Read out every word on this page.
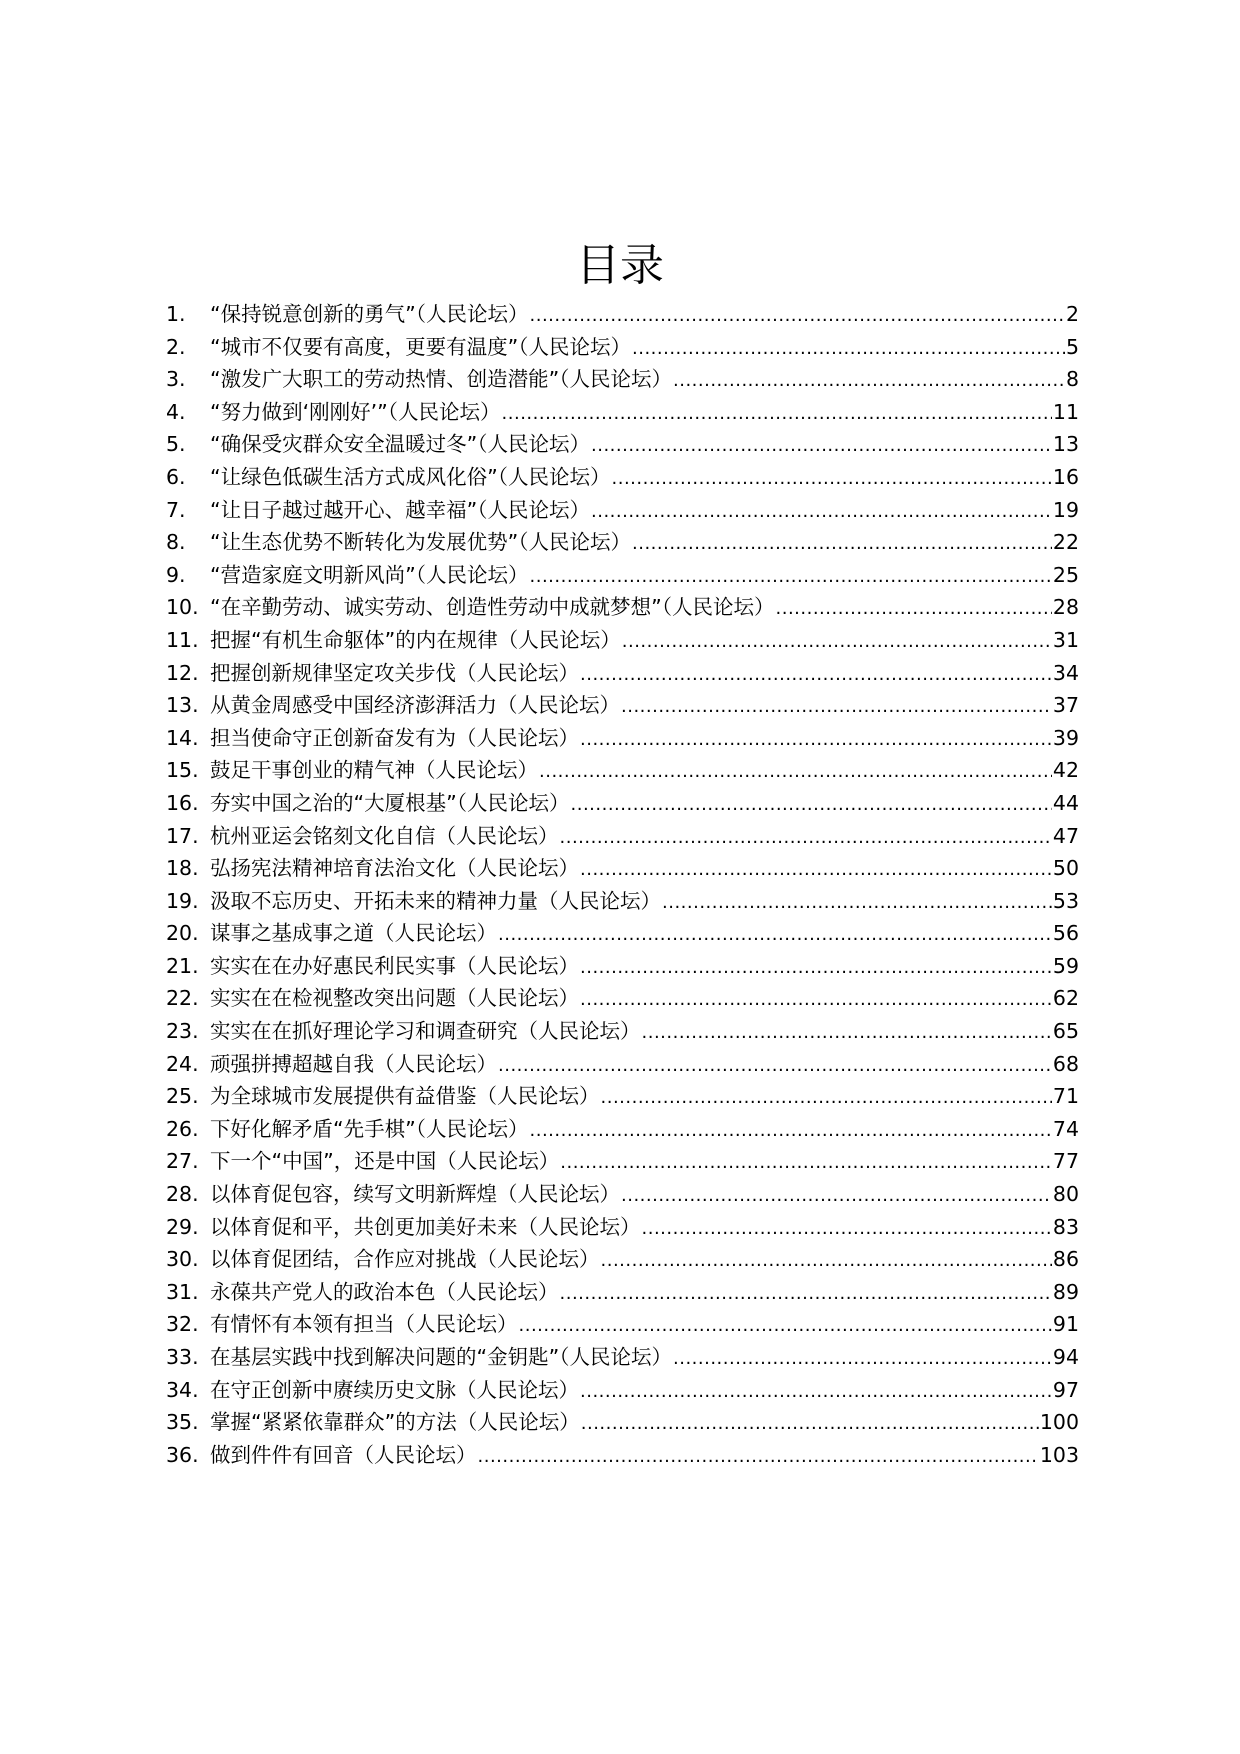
目录
1.	“保持锐意创新的勇气”（人民论坛） .....	2
2.	“城市不仅要有高度，更要有温度”（人民论坛） .....	5
3.	“激发广大职工的劳动热情、创造潜能”（人民论坛） .....	8
4.	“努力做到‘刚刚好’”（人民论坛） .....	11
5.	“确保受灾群众安全温暖过冬”（人民论坛） .....	13
6.	“让绿色低碳生活方式成风化俗”（人民论坛） .....	16
7.	“让日子越过越开心、越幸福”（人民论坛） .....	19
8.	“让生态优势不断转化为发展优势”（人民论坛） .....	22
9.	“营造家庭文明新风尚”（人民论坛） .....	25
10. “在辛勤劳动、诚实劳动、创造性劳动中成就梦想”（人民论坛） .....	28
11. 把握“有机生命躯体”的内在规律（人民论坛） .....	31
12. 把握创新规律坚定攻关步伐（人民论坛） .....	34
13. 从黄金周感受中国经济澎湃活力（人民论坛） .....	37
14. 担当使命守正创新奋发有为（人民论坛） .....	39
15. 鼓足干事创业的精气神（人民论坛） .....	42
16. 夯实中国之治的“大厦根基”（人民论坛） .....	44
17. 杭州亚运会铭刻文化自信（人民论坛） .....	47
18. 弘扬宪法精神培育法治文化（人民论坛） .....	50
19. 汲取不忘历史、开拓未来的精神力量（人民论坛） .....	53
20. 谋事之基成事之道（人民论坛） .....	56
21. 实实在在办好惠民利民实事（人民论坛） .....	59
22. 实实在在检视整改突出问题（人民论坛） .....	62
23. 实实在在抓好理论学习和调查研究（人民论坛） .....	65
24. 顽强拼搏超越自我（人民论坛） .....	68
25. 为全球城市发展提供有益借鉴（人民论坛） .....	71
26. 下好化解矛盾“先手棋”（人民论坛） .....	74
27. 下一个“中国”，还是中国（人民论坛） .....	77
28. 以体育促包容，续写文明新辉煌（人民论坛） .....	80
29. 以体育促和平，共创更加美好未来（人民论坛） .....	83
30. 以体育促团结，合作应对挑战（人民论坛） .....	86
31. 永葆共产党人的政治本色（人民论坛） .....	89
32. 有情怀有本领有担当（人民论坛） .....	91
33. 在基层实践中找到解决问题的“金钥匙”（人民论坛） .....	94
34. 在守正创新中赓续历史文脉（人民论坛） .....	97
35. 掌握“紧紧依靠群众”的方法（人民论坛） .....	100
36. 做到件件有回音（人民论坛） .....	103
